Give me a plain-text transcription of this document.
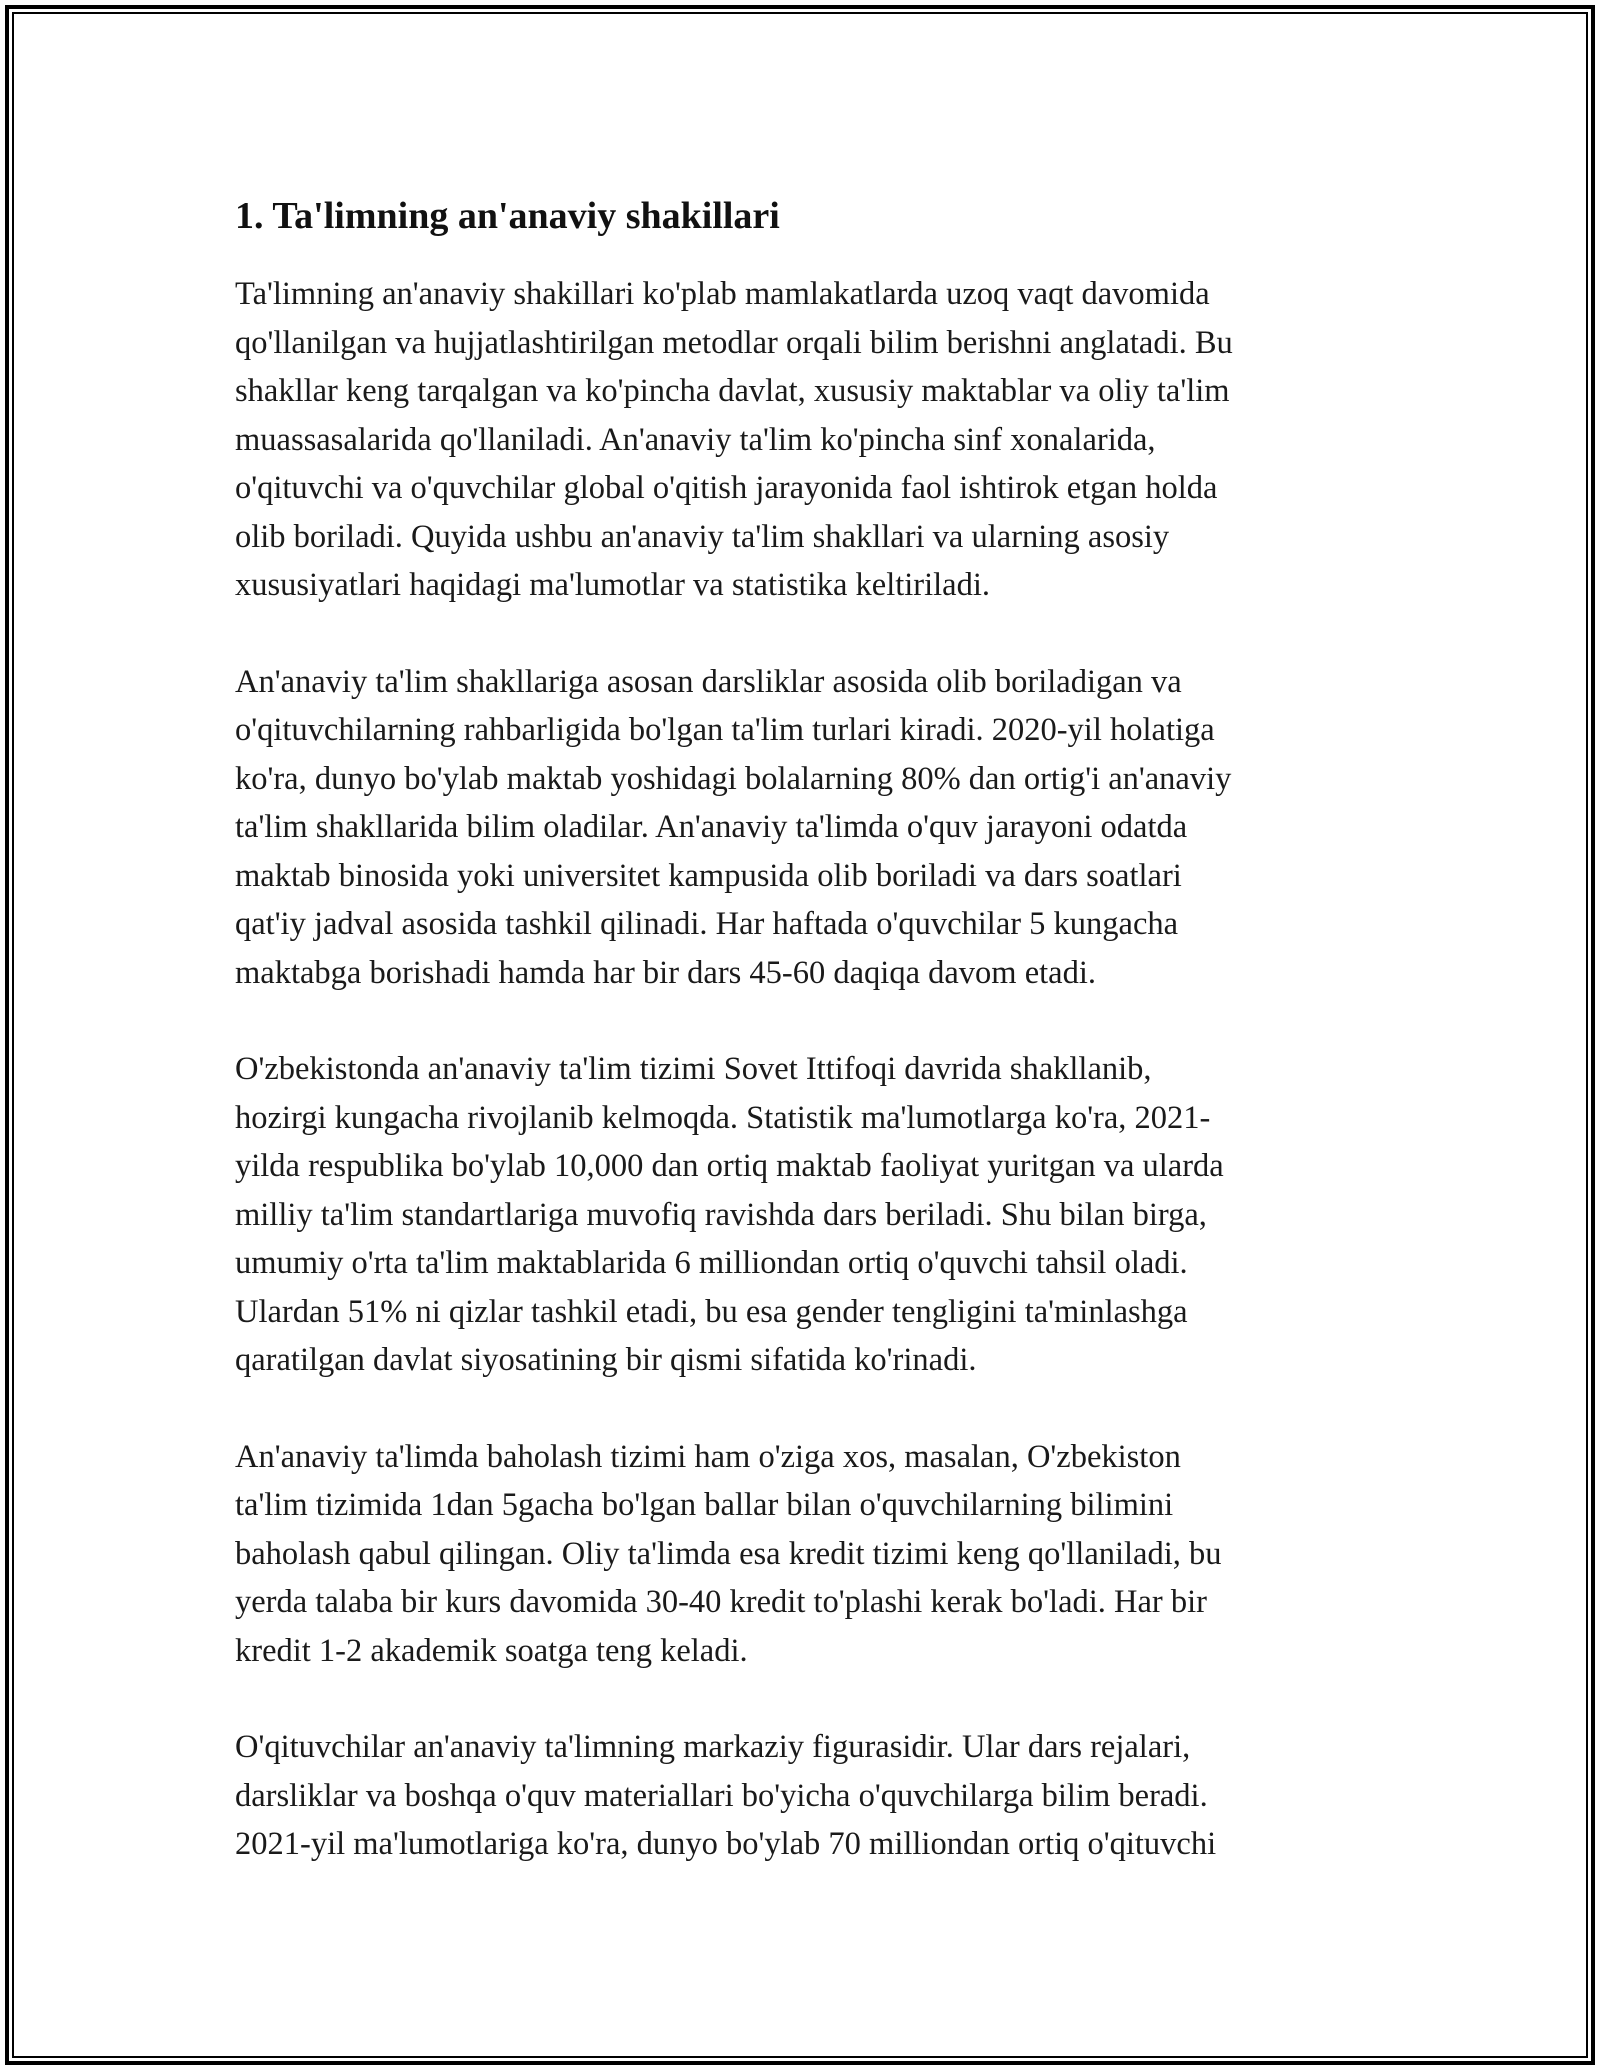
1. Ta'limning an'anaviy shakillari

Ta'limning an'anaviy shakillari ko'plab mamlakatlarda uzoq vaqt davomida
qo'llanilgan va hujjatlashtirilgan metodlar orqali bilim berishni anglatadi. Bu
shakllar keng tarqalgan va ko'pincha davlat, xususiy maktablar va oliy ta'lim
muassasalarida qo'llaniladi. An'anaviy ta'lim ko'pincha sinf xonalarida,
o'qituvchi va o'quvchilar global o'qitish jarayonida faol ishtirok etgan holda
olib boriladi. Quyida ushbu an'anaviy ta'lim shakllari va ularning asosiy
xususiyatlari haqidagi ma'lumotlar va statistika keltiriladi.

An'anaviy ta'lim shakllariga asosan darsliklar asosida olib boriladigan va
o'qituvchilarning rahbarligida bo'lgan ta'lim turlari kiradi. 2020-yil holatiga
ko'ra, dunyo bo'ylab maktab yoshidagi bolalarning 80% dan ortig'i an'anaviy
ta'lim shakllarida bilim oladilar. An'anaviy ta'limda o'quv jarayoni odatda
maktab binosida yoki universitet kampusida olib boriladi va dars soatlari
qat'iy jadval asosida tashkil qilinadi. Har haftada o'quvchilar 5 kungacha
maktabga borishadi hamda har bir dars 45-60 daqiqa davom etadi.

O'zbekistonda an'anaviy ta'lim tizimi Sovet Ittifoqi davrida shakllanib,
hozirgi kungacha rivojlanib kelmoqda. Statistik ma'lumotlarga ko'ra, 2021-
yilda respublika bo'ylab 10,000 dan ortiq maktab faoliyat yuritgan va ularda
milliy ta'lim standartlariga muvofiq ravishda dars beriladi. Shu bilan birga,
umumiy o'rta ta'lim maktablarida 6 milliondan ortiq o'quvchi tahsil oladi.
Ulardan 51% ni qizlar tashkil etadi, bu esa gender tengligini ta'minlashga
qaratilgan davlat siyosatining bir qismi sifatida ko'rinadi.

An'anaviy ta'limda baholash tizimi ham o'ziga xos, masalan, O'zbekiston
ta'lim tizimida 1dan 5gacha bo'lgan ballar bilan o'quvchilarning bilimini
baholash qabul qilingan. Oliy ta'limda esa kredit tizimi keng qo'llaniladi, bu
yerda talaba bir kurs davomida 30-40 kredit to'plashi kerak bo'ladi. Har bir
kredit 1-2 akademik soatga teng keladi.

O'qituvchilar an'anaviy ta'limning markaziy figurasidir. Ular dars rejalari,
darsliklar va boshqa o'quv materiallari bo'yicha o'quvchilarga bilim beradi.
2021-yil ma'lumotlariga ko'ra, dunyo bo'ylab 70 milliondan ortiq o'qituvchi
